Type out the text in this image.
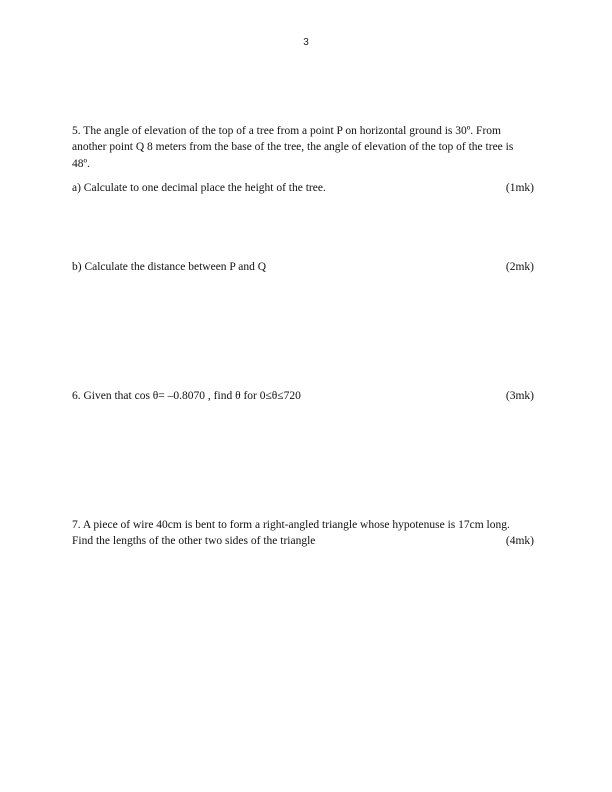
3
5. The angle of elevation of the top of a tree from a point P on horizontal ground is 30º. From another point Q 8 meters from the base of the tree, the angle of elevation of the top of the tree is 48º.
a) Calculate to one decimal place the height of the tree.	(1mk)
b) Calculate the distance between P and Q	(2mk)
6. Given that cos θ= –0.8070 , find θ for 0≤θ≤720	(3mk)
7. A piece of wire 40cm is bent to form a right-angled triangle whose hypotenuse is 17cm long.
Find the lengths of the other two sides of the triangle	(4mk)
